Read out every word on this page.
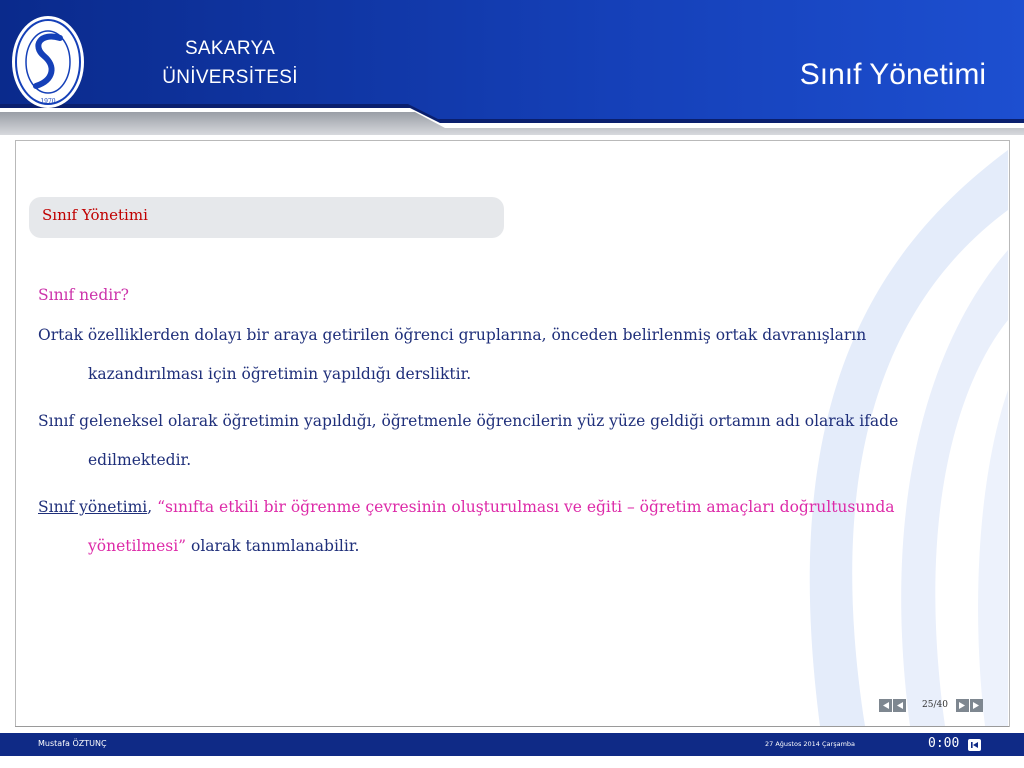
1970
SAKARYA
ÜNİVERSİTESİ	Sınıf Yönetimi
Sınıf Yönetimi
Sınıf nedir?
Ortak özelliklerden dolayı bir araya getirilen öğrenci gruplarına, önceden belirlenmiş ortak davranışların
kazandırılması için öğretimin yapıldığı dersliktir.
Sınıf geleneksel olarak öğretimin yapıldığı, öğretmenle öğrencilerin yüz yüze geldiği ortamın adı olarak ifade
edilmektedir.
Sınıf yönetimi, “sınıfta etkili bir öğrenme çevresinin oluşturulması ve eğiti – öğretim amaçları doğrultusunda
yönetilmesi” olarak tanımlanabilir.
25/40
Mustafa ÖZTUNÇ	27 Ağustos 2014 Çarşamba	0:00
